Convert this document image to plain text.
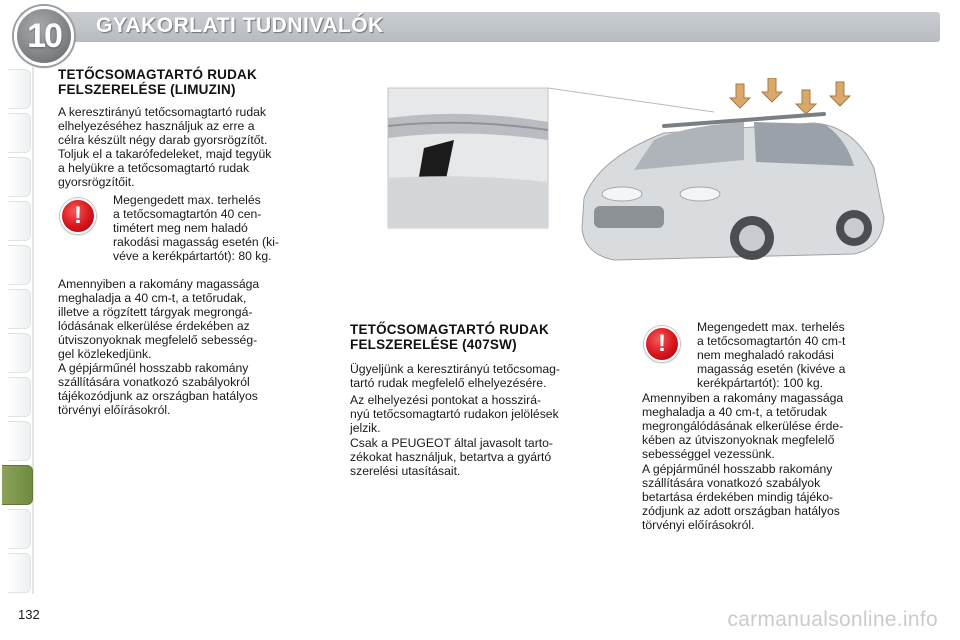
10 GYAKORLATI TUDNIVALÓK
TETŐCSOMAGTARTÓ RUDAK
FELSZERELÉSE (LIMUZIN)
A keresztirányú tetőcsomagtartó rudak
elhelyezéséhez használjuk az erre a
célra készült négy darab gyorsrögzítőt.
Toljuk el a takarófedeleket, majd tegyük
a helyükre a tetőcsomagtartó rudak
gyorsrögzítőit.
!
Megengedett max. terhelés
a tetőcsomagtartón 40 cen-
timétert meg nem haladó
rakodási magasság esetén (ki-
véve a kerékpártartót): 80 kg.
Amennyiben a rakomány magassága
meghaladja a 40 cm-t, a tetőrudak,
illetve a rögzített tárgyak megrongá-
lódásának elkerülése érdekében az
útviszonyoknak megfelelő sebesség-
gel közlekedjünk.
A gépjárműnél hosszabb rakomány
szállítására vonatkozó szabályokról
tájékozódjunk az országban hatályos
törvényi előírásokról.
TETŐCSOMAGTARTÓ RUDAK
FELSZERELÉSE (407SW)
Ügyeljünk a keresztirányú tetőcsomag-
tartó rudak megfelelő elhelyezésére.
Az elhelyezési pontokat a hosszirá-
nyú tetőcsomagtartó rudakon jelölések
jelzik.
Csak a PEUGEOT által javasolt tarto-
zékokat használjuk, betartva a gyártó
szerelési utasításait.
!
Megengedett max. terhelés
a tetőcsomagtartón 40 cm-t
nem meghaladó rakodási
magasság esetén (kivéve a
kerékpártartót): 100 kg.
Amennyiben a rakomány magassága
meghaladja a 40 cm-t, a tetőrudak
megrongálódásának elkerülése érde-
kében az útviszonyoknak megfelelő
sebességgel vezessünk.
A gépjárműnél hosszabb rakomány
szállítására vonatkozó szabályok
betartása érdekében mindig tájéko-
zódjunk az adott országban hatályos
törvényi előírásokról.
132	carmanualsonline.info
